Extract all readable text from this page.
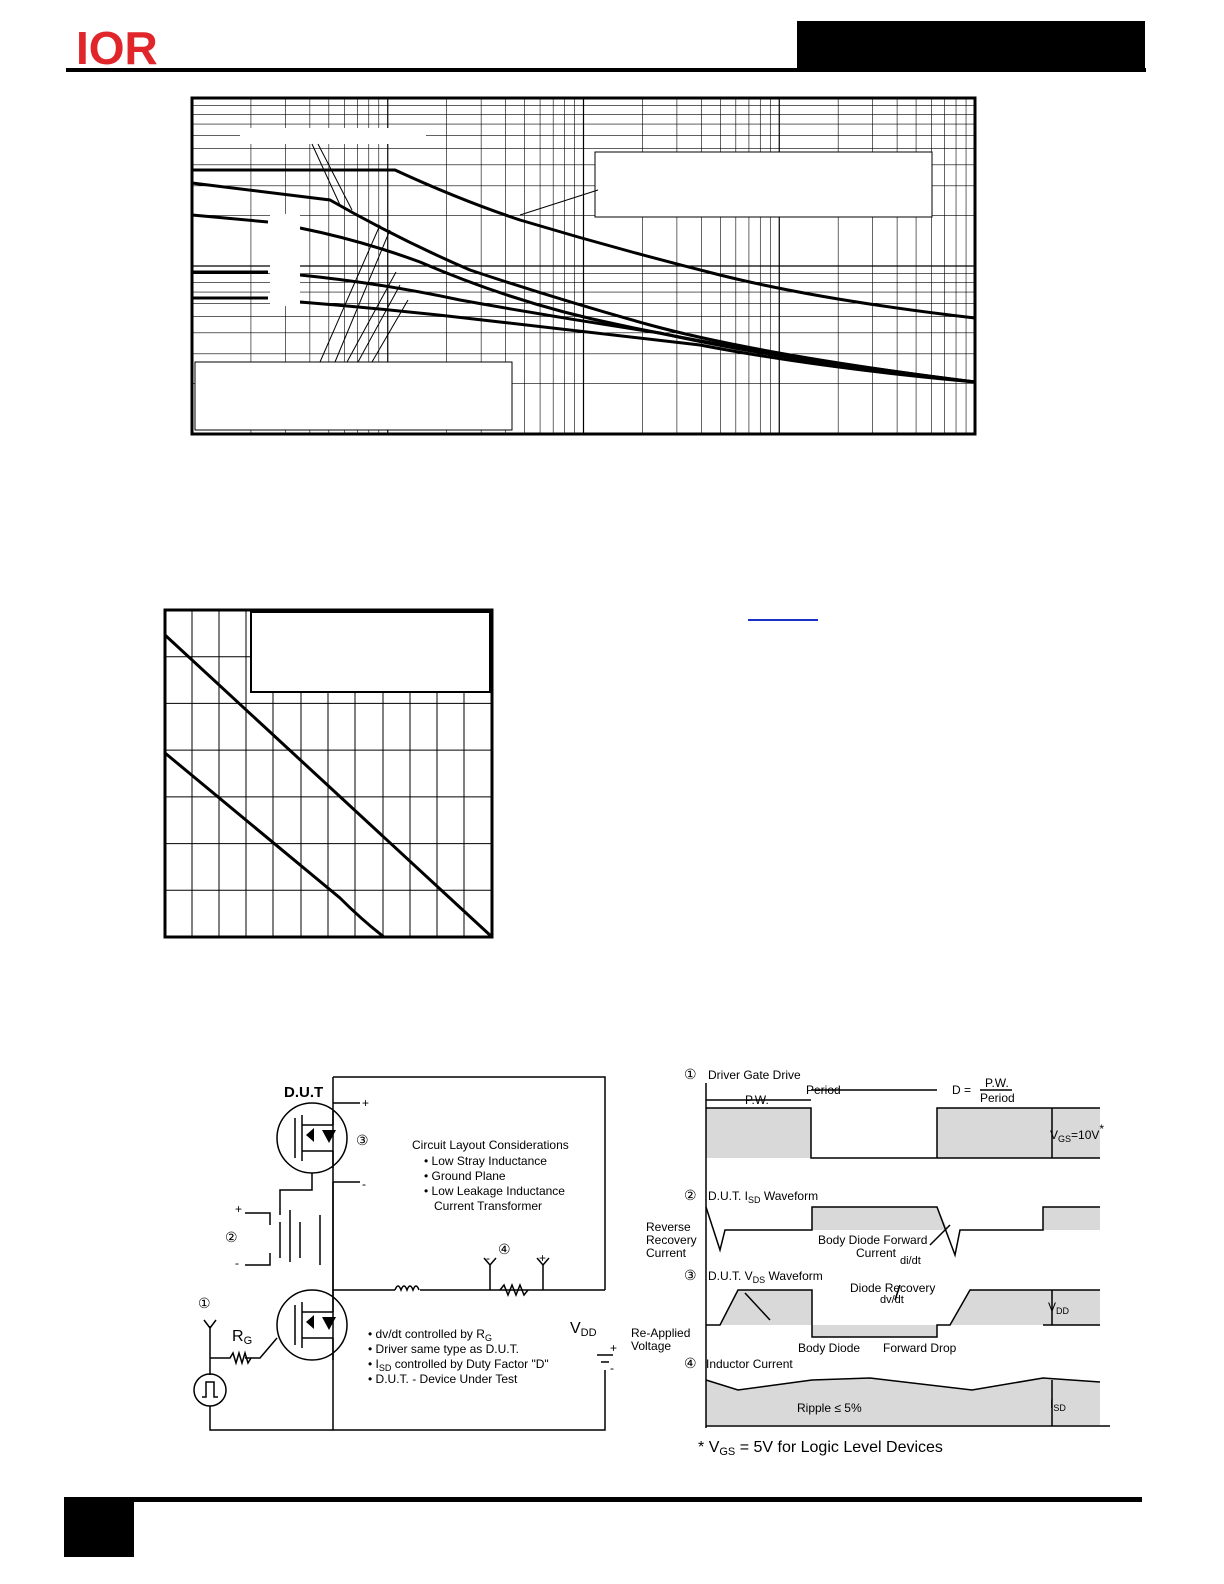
IOR
D.U.T
RG
VDD
+
-
+
-	-	+
+
-
①
②
③
④
Circuit Layout Considerations
• Low Stray Inductance
• Ground Plane
• Low Leakage Inductance
Current Transformer
• dv/dt controlled by $R_G$
• Driver same type as D.U.T.
• $I_{SD}$ controlled by Duty Factor "D"
• D.U.T. - Device Under Test
① Driver Gate Drive
Period
P.W.
D = P.W.
Period
$V_{GS}=10V*$
② D.U.T. $I_{SD}$ Waveform
Reverse
Recovery
Current
Body Diode Forward
Current
di/dt
③ D.U.T. $V_{DS}$ Waveform
Diode Recovery
dv/dt
Re-Applied
Voltage	Body Diode Forward Drop
$V_{DD}$
④ Inductor Current
Ripple ≤ 5%	$I_{SD}$
* VGS = 5V for Logic Level Devices
